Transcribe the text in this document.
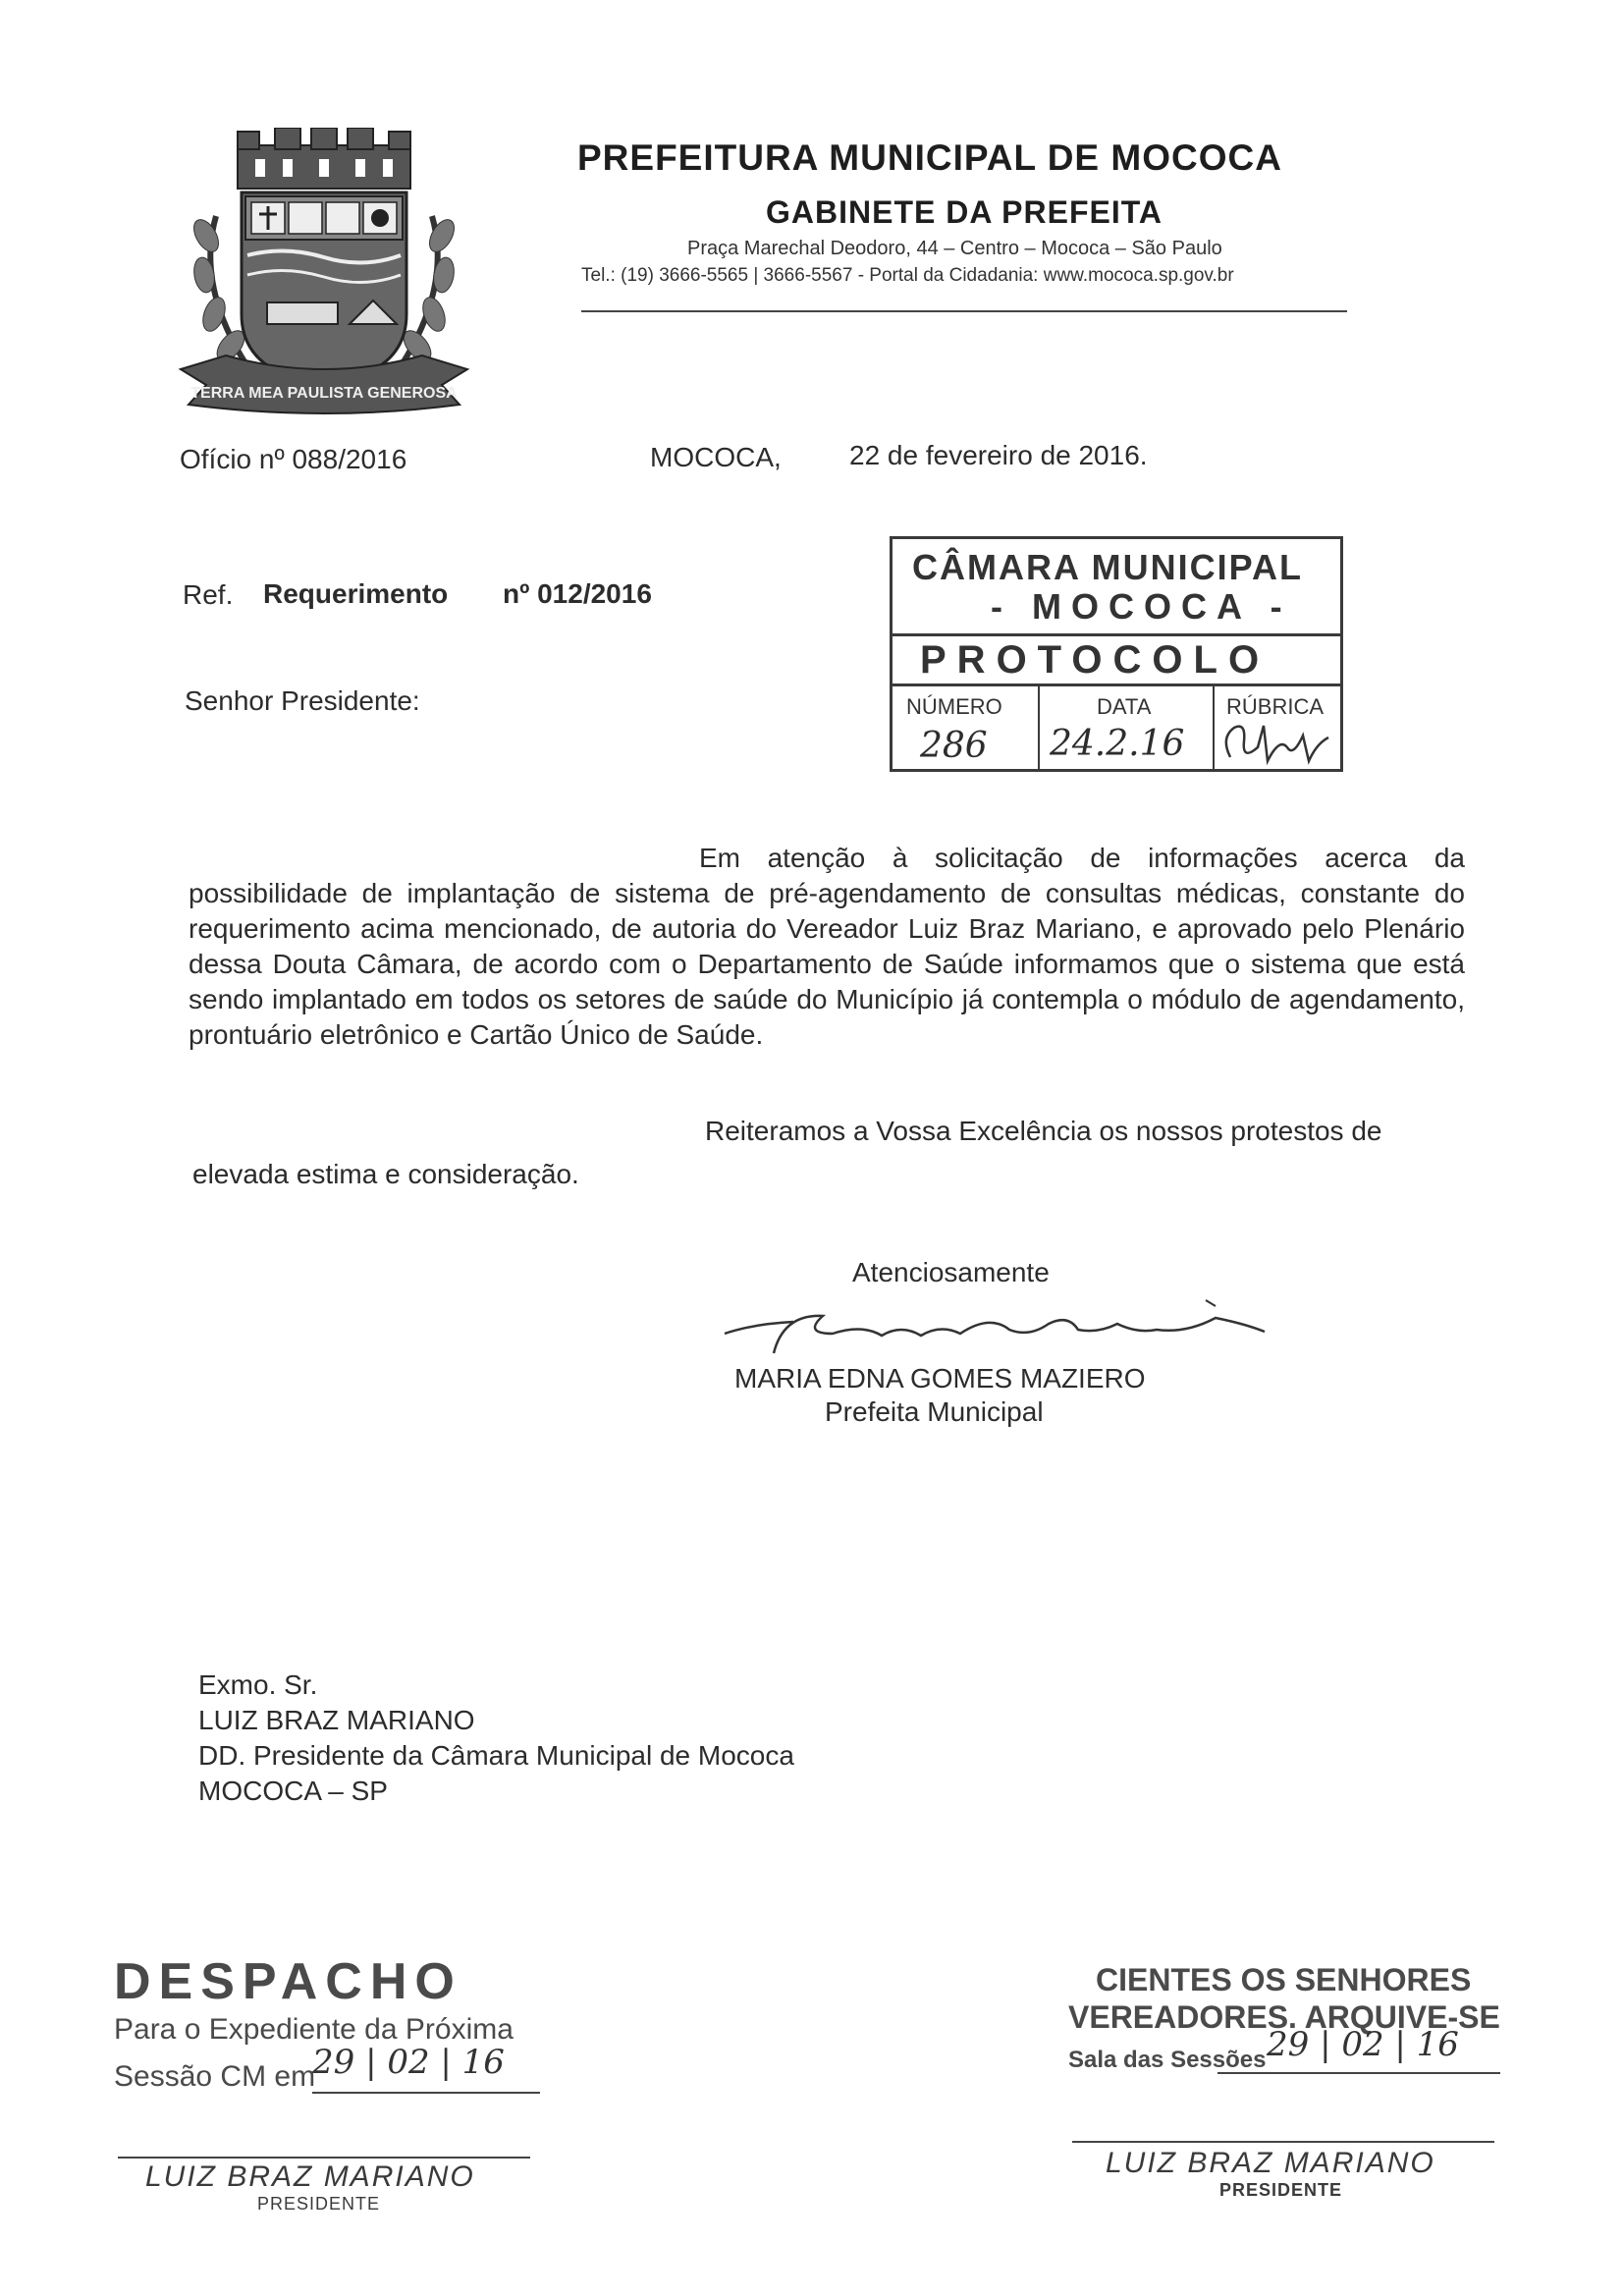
TERRA MEA PAULISTA GENEROSA
PREFEITURA MUNICIPAL DE MOCOCA
GABINETE DA PREFEITA
Praça Marechal Deodoro, 44 – Centro – Mococa – São Paulo
Tel.: (19) 3666-5565 | 3666-5567 - Portal da Cidadania: www.mococa.sp.gov.br
Ofício nº 088/2016	MOCOCA, 22 de fevereiro de 2016.
Ref. Requerimento nº 012/2016
Senhor Presidente:
CÂMARA MUNICIPAL
- MOCOCA -
PROTOCOLO
NÚMERO	DATA	RÚBRICA
286 24.2.16

Em atenção à solicitação de informações acerca da possibilidade de implantação de sistema de pré-agendamento de consultas médicas, constante do requerimento acima mencionado, de autoria do Vereador Luiz Braz Mariano, e aprovado pelo Plenário dessa Douta Câmara, de acordo com o Departamento de Saúde informamos que o sistema que está sendo implantado em todos os setores de saúde do Município já contempla o módulo de agendamento, prontuário eletrônico e Cartão Único de Saúde.

Reiteramos a Vossa Excelência os nossos protestos de
elevada estima e consideração.
Atenciosamente
MARIA EDNA GOMES MAZIERO
Prefeita Municipal
Exmo. Sr.
LUIZ BRAZ MARIANO
DD. Presidente da Câmara Municipal de Mococa
MOCOCA – SP
DESPACHO
Para o Expediente da Próxima
Sessão CM em
29 | 02 | 16
LUIZ BRAZ MARIANO
PRESIDENTE
CIENTES OS SENHORES
VEREADORES. ARQUIVE-SE
Sala das Sessões 29 | 02 | 16
LUIZ BRAZ MARIANO
PRESIDENTE
